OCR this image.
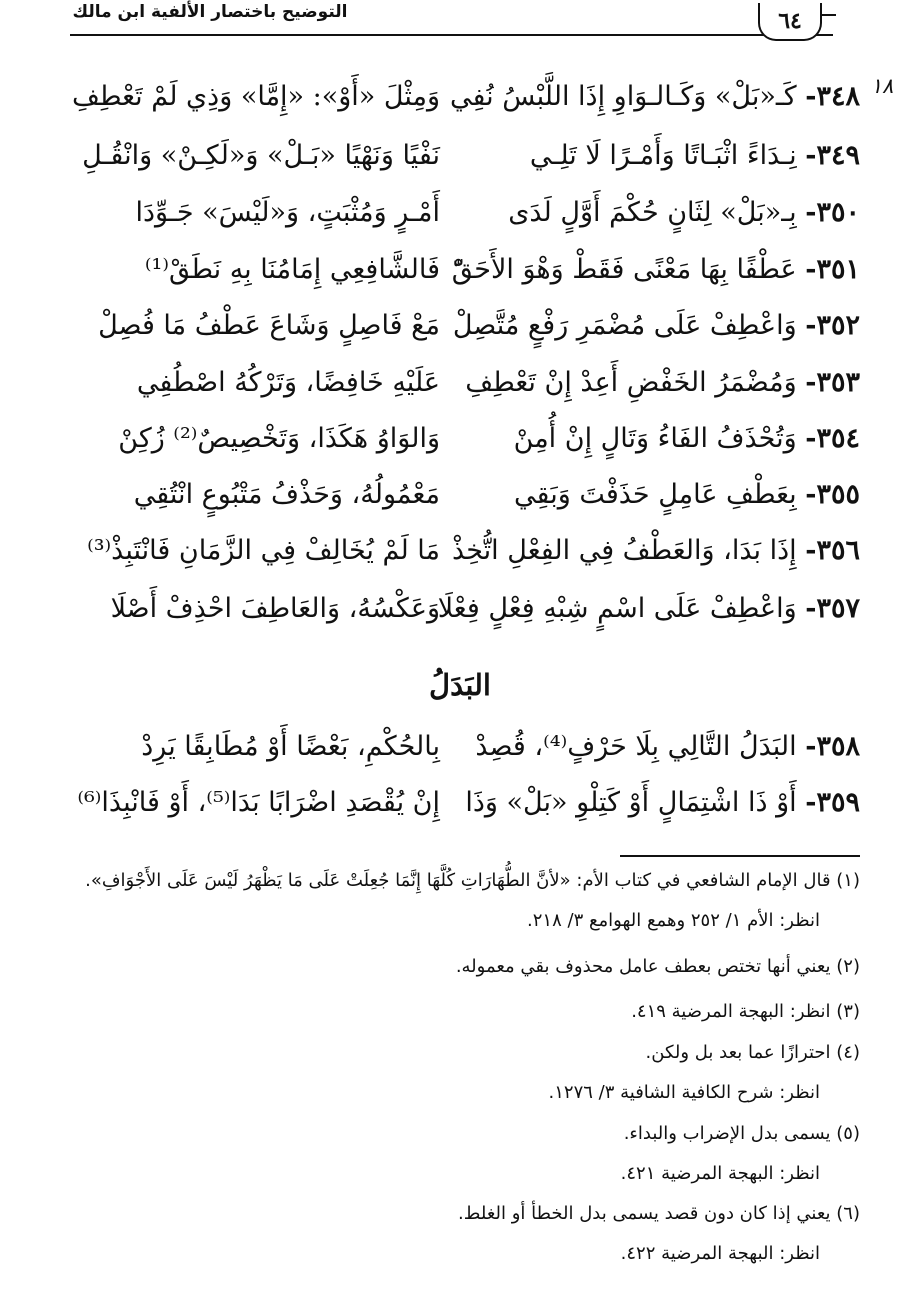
التوضيح باختصار الألفية ابن مالك	٦٤
١٨
٣٤٨- كَـ«بَلْ» وَكَـالـوَاوِ إِذَا اللَّبْسُ نُفِي
وَمِثْلَ «أَوْ»: «إِمَّا» وَذِي لَمْ تَعْطِفِ
٣٤٩- نِـدَاءً اثْبَـاتًا وَأَمْـرًا لَا تَلِـي
نَفْيًا وَنَهْيًا «بَـلْ» وَ«لَكِـنْ» وَانْقُـلِ
٣٥٠- بِـ«بَلْ» لِثَانٍ حُكْمَ أَوَّلٍ لَدَى
أَمْـرٍ وَمُثْبَتٍ، وَ«لَيْسَ» جَـوِّدَا
٣٥١- عَطْفًا بِهَا مَعْنًى فَقَطْ وَهْوَ الأَحَقّْ
فَالشَّافِعِي إِمَامُنَا بِهِ نَطَقْ⁽¹⁾
٣٥٢- وَاعْطِفْ عَلَى مُضْمَرِ رَفْعٍ مُتَّصِلْ
مَعْ فَاصِلٍ وَشَاعَ عَطْفُ مَا فُصِلْ
٣٥٣- وَمُضْمَرُ الخَفْضِ أَعِدْ إِنْ تَعْطِفِ
عَلَيْهِ خَافِضًا، وَتَرْكُهُ اصْطُفِي
٣٥٤- وَتُحْذَفُ الفَاءُ وَتَالٍ إِنْ أُمِنْ
وَالوَاوُ هَكَذَا، وَتَخْصِيصٌ⁽²⁾ زُكِنْ
٣٥٥- بِعَطْفِ عَامِلٍ حَذَفْتَ وَبَقِي
مَعْمُولُهُ، وَحَذْفُ مَتْبُوعٍ انْتُقِي
٣٥٦- إِذَا بَدَا، وَالعَطْفُ فِي الفِعْلِ اتُّخِذْ
مَا لَمْ يُخَالِفْ فِي الزَّمَانِ فَانْتَبِذْ⁽³⁾
٣٥٧- وَاعْطِفْ عَلَى اسْمٍ شِبْهِ فِعْلٍ فِعْلَا
وَعَكْسُهُ، وَالعَاطِفَ احْذِفْ أَصْلَا
البَدَلُ
٣٥٨- البَدَلُ التَّالِي بِلَا حَرْفٍ⁽⁴⁾، قُصِدْ
بِالحُكْمِ، بَعْضًا أَوْ مُطَابِقًا يَرِدْ
٣٥٩- أَوْ ذَا اشْتِمَالٍ أَوْ كَتِلْوِ «بَلْ» وَذَا
إِنْ يُقْصَدِ اضْرَابًا بَدَا⁽⁵⁾، أَوْ فَانْبِذَا⁽⁶⁾
(١) قال الإمام الشافعي في كتاب الأم: «لأنَّ الطُّهَارَاتِ كُلَّهَا إِنَّمَا جُعِلَتْ عَلَى مَا يَظْهَرُ لَيْسَ عَلَى الأَجْوَافِ».
انظر: الأم ١/ ٢٥٢ وهمع الهوامع ٣/ ٢١٨.
(٢) يعني أنها تختص بعطف عامل محذوف بقي معموله.
(٣) انظر: البهجة المرضية ٤١٩.
(٤) احترازًا عما بعد بل ولكن.
انظر: شرح الكافية الشافية ٣/ ١٢٧٦.
(٥) يسمى بدل الإضراب والبداء.
انظر: البهجة المرضية ٤٢١.
(٦) يعني إذا كان دون قصد يسمى بدل الخطأ أو الغلط.
انظر: البهجة المرضية ٤٢٢.
